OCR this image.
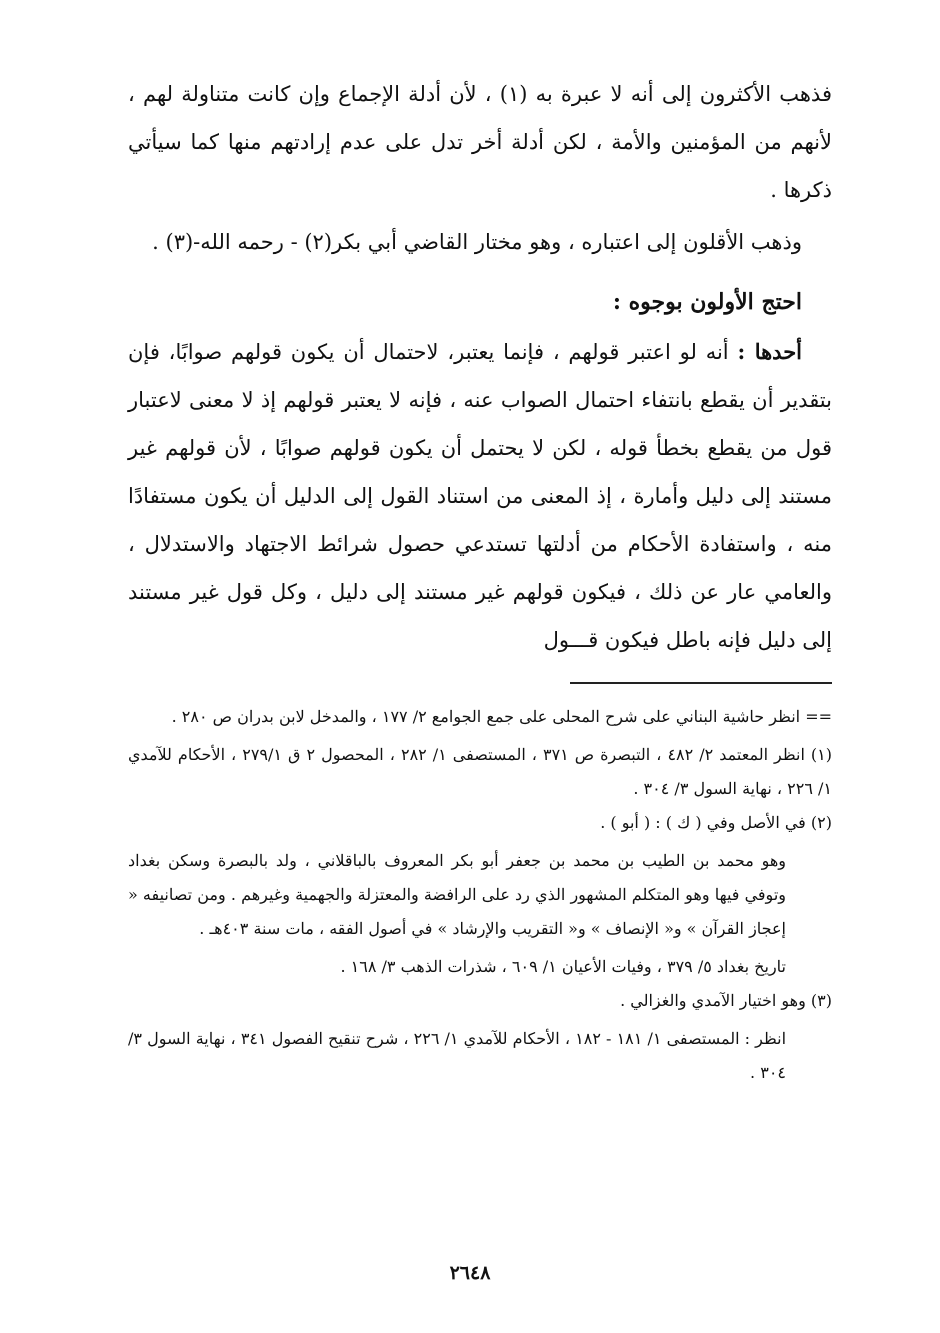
فذهب الأكثرون إلى أنه لا عبرة به (١) ، لأن أدلة الإجماع وإن كانت متناولة لهم ، لأنهم من المؤمنين والأمة ، لكن أدلة أخر تدل على عدم إرادتهم منها كما سيأتي ذكرها .

وذهب الأقلون إلى اعتباره ، وهو مختار القاضي أبي بكر(٢) - رحمه الله-(٣) .

احتج الأولون بوجوه :

أحدها : أنه لو اعتبر قولهم ، فإنما يعتبر، لاحتمال أن يكون قولهم صوابًا، فإن بتقدير أن يقطع بانتفاء احتمال الصواب عنه ، فإنه لا يعتبر قولهم إذ لا معنى لاعتبار قول من يقطع بخطأ قوله ، لكن لا يحتمل أن يكون قولهم صوابًا ، لأن قولهم غير مستند إلى دليل وأمارة ، إذ المعنى من استناد القول إلى الدليل أن يكون مستفادًا منه ، واستفادة الأحكام من أدلتها تستدعي حصول شرائط الاجتهاد والاستدلال ، والعامي عار عن ذلك ، فيكون قولهم غير مستند إلى دليل ، وكل قول غير مستند إلى دليل فإنه باطل فيكون قـــول

== انظر حاشية البناني على شرح المحلى على جمع الجوامع ٢/ ١٧٧ ، والمدخل لابن بدران ص ٢٨٠ .

(١) انظر المعتمد ٢/ ٤٨٢ ، التبصرة ص ٣٧١ ، المستصفى ١/ ٢٨٢ ، المحصول ٢ ق ٢٧٩/١ ، الأحكام للآمدي ١/ ٢٢٦ ، نهاية السول ٣/ ٣٠٤ .

(٢) في الأصل وفي ( ك ) : ( أبو ) .

وهو محمد بن الطيب بن محمد بن جعفر أبو بكر المعروف بالباقلاني ، ولد بالبصرة وسكن بغداد وتوفي فيها وهو المتكلم المشهور الذي رد على الرافضة والمعتزلة والجهمية وغيرهم . ومن تصانيفه « إعجاز القرآن » و« الإنصاف » و« التقريب والإرشاد » في أصول الفقه ، مات سنة ٤٠٣هـ .

تاريخ بغداد ٥/ ٣٧٩ ، وفيات الأعيان ١/ ٦٠٩ ، شذرات الذهب ٣/ ١٦٨ .

(٣) وهو اختيار الآمدي والغزالي .

انظر : المستصفى ١/ ١٨١ - ١٨٢ ، الأحكام للآمدي ١/ ٢٢٦ ، شرح تنقيح الفصول ٣٤١ ، نهاية السول ٣/ ٣٠٤ .

٢٦٤٨
